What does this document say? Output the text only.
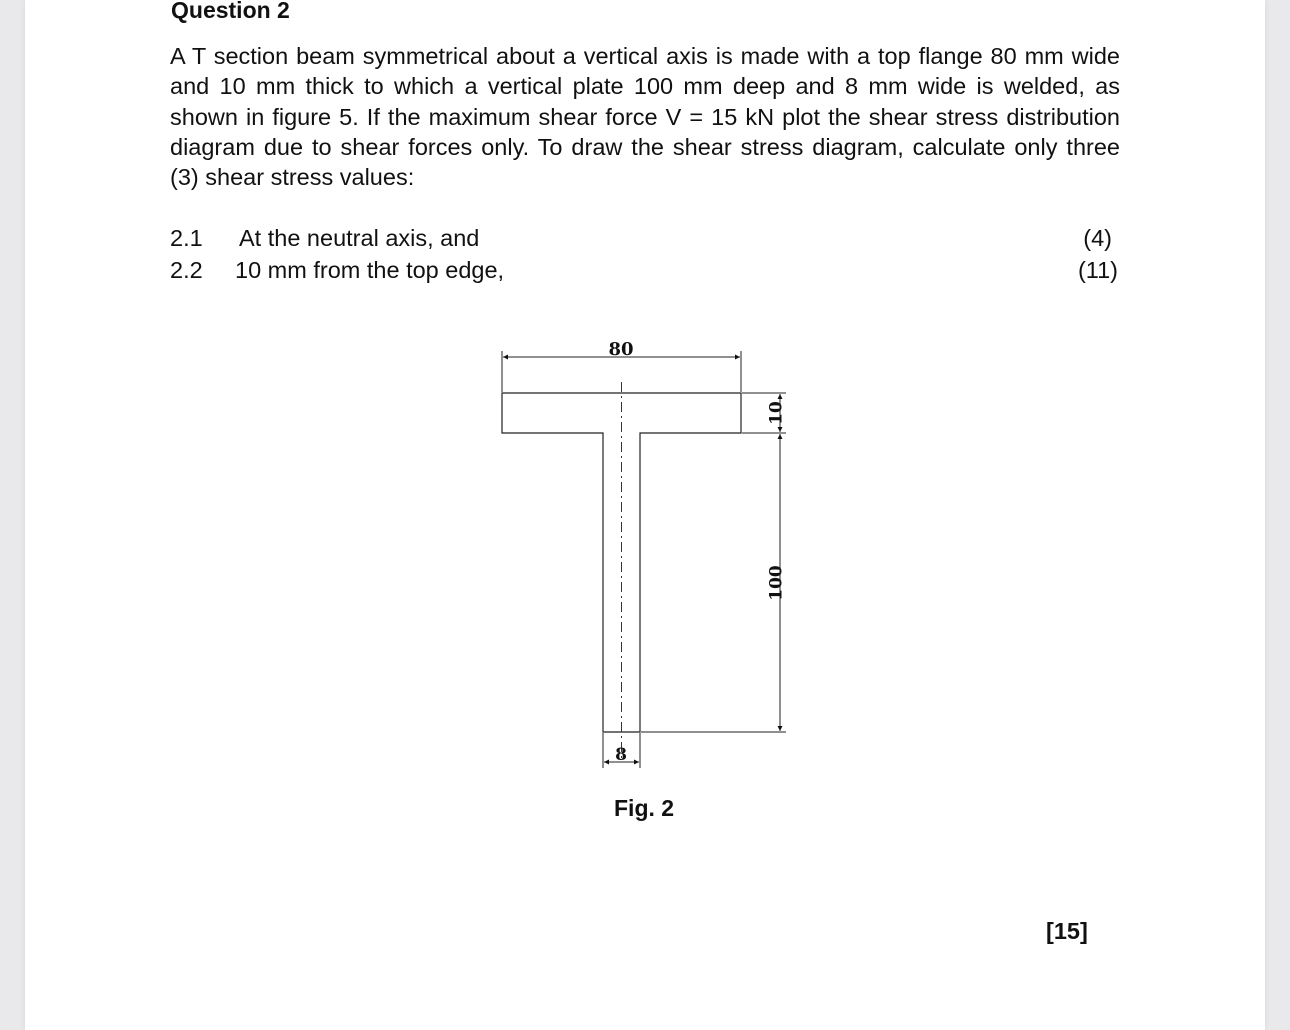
Question 2

A T section beam symmetrical about a vertical axis is made with a top flange 80 mm wide and 10 mm thick to which a vertical plate 100 mm deep and 8 mm wide is welded, as shown in figure 5. If the maximum shear force V = 15 kN plot the shear stress distribution diagram due to shear forces only. To draw the shear stress diagram, calculate only three (3) shear stress values:

2.1 At the neutral axis, and	(4)
2.2 10 mm from the top edge,	(11)
Fig. 2
[15]
80
10
100
8
